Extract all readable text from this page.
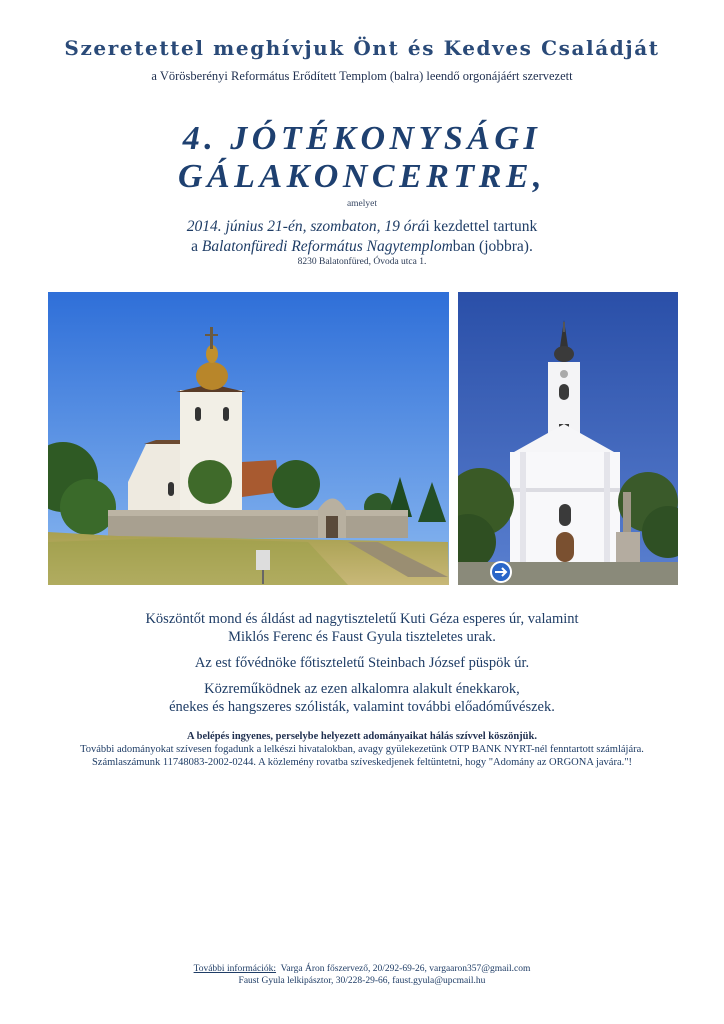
Szeretettel meghívjuk Önt és Kedves Családját
a Vörösberényi Református Erődített Templom (balra) leendő orgonájáért szervezett
4. JÓTÉKONYSÁGI GÁLAKONCERTRE,
amelyet
2014. június 21-én, szombaton, 19 órái kezdettel tartunk
a Balatonfüredi Református Nagytemplomban (jobbra).
8230 Balatonfüred, Óvoda utca 1.
Köszöntőt mond és áldást ad nagytiszteletű Kuti Géza esperes úr, valamint
Miklós Ferenc és Faust Gyula tiszteletes urak.
Az est fővédnöke főtiszteletű Steinbach József püspök úr.
Közreműködnek az ezen alkalomra alakult énekkarok,
énekes és hangszeres szólisták, valamint további előadóművészek.
A belépés ingyenes, perselybe helyezett adományaikat hálás szívvel köszönjük.
További adományokat szívesen fogadunk a lelkészi hivatalokban, avagy gyülekezetünk OTP BANK NYRT-nél fenntartott számlájára.
Számlaszámunk 11748083-2002-0244. A közlemény rovatba szíveskedjenek feltüntetni, hogy "Adomány az ORGONA javára."!
További információk: Varga Áron főszervező, 20/292-69-26, vargaaron357@gmail.com
Faust Gyula lelkipásztor, 30/228-29-66, faust.gyula@upcmail.hu
